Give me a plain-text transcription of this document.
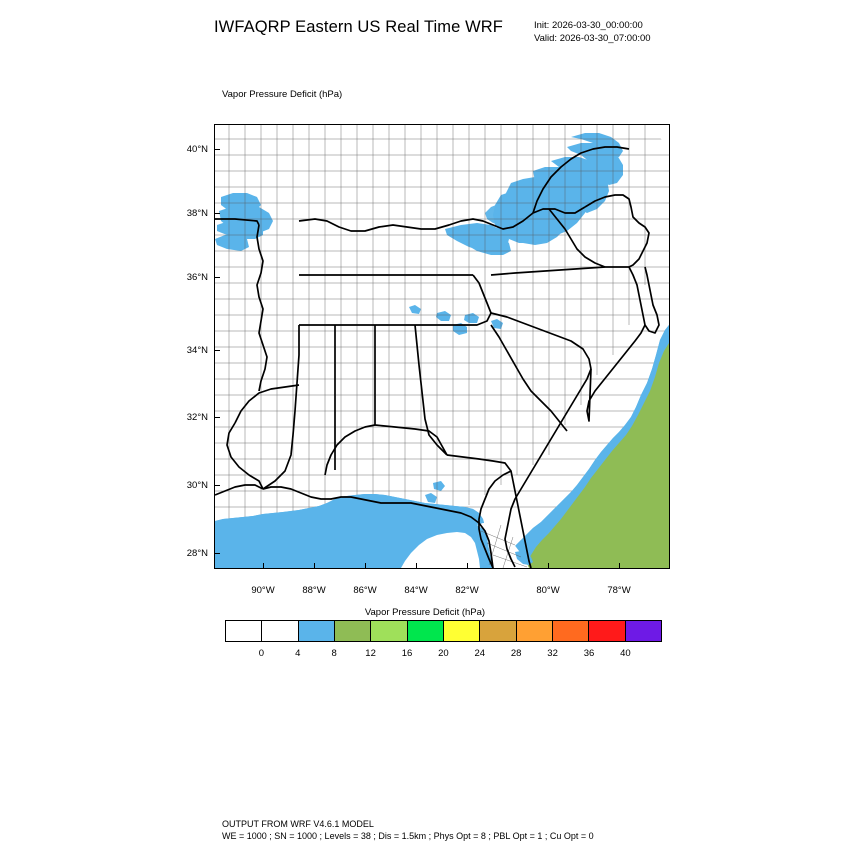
IWFAQRP Eastern US Real Time WRF	Init: 2026-03-30_00:00:00
Valid: 2026-03-30_07:00:00
Vapor Pressure Deficit (hPa)
40°N
38°N
36°N
34°N
32°N
30°N
28°N
90°W	88°W	86°W	84°W	82°W	80°W	78°W
Vapor Pressure Deficit (hPa)
0	4	8	12	16	20	24	28	32	36	40
OUTPUT FROM WRF V4.6.1 MODEL
WE = 1000 ; SN = 1000 ; Levels = 38 ; Dis = 1.5km ; Phys Opt = 8 ; PBL Opt = 1 ; Cu Opt = 0
